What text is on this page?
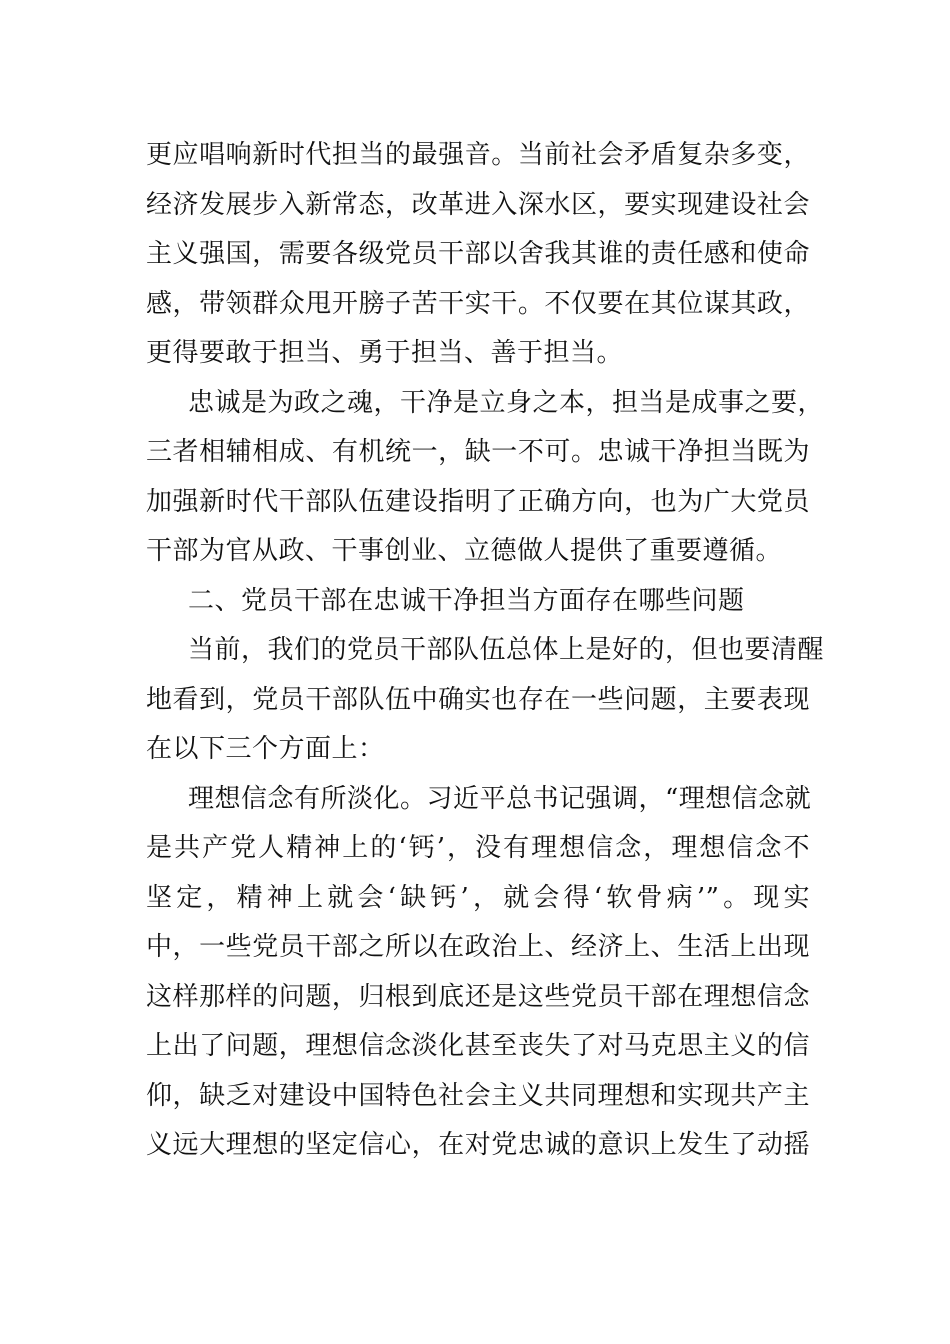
更应唱响新时代担当的最强音。当前社会矛盾复杂多变，
经济发展步入新常态，改革进入深水区，要实现建设社会
主义强国，需要各级党员干部以舍我其谁的责任感和使命
感，带领群众甩开膀子苦干实干。不仅要在其位谋其政，
更得要敢于担当、勇于担当、善于担当。
忠诚是为政之魂，干净是立身之本，担当是成事之要，
三者相辅相成、有机统一，缺一不可。忠诚干净担当既为
加强新时代干部队伍建设指明了正确方向，也为广大党员
干部为官从政、干事创业、立德做人提供了重要遵循。
二、党员干部在忠诚干净担当方面存在哪些问题
当前，我们的党员干部队伍总体上是好的，但也要清醒
地看到，党员干部队伍中确实也存在一些问题，主要表现
在以下三个方面上：
理想信念有所淡化。习近平总书记强调，“理想信念就
是共产党人精神上的‘钙’，没有理想信念，理想信念不
坚定，精神上就会‘缺钙’，就会得‘软骨病’”。现实
中，一些党员干部之所以在政治上、经济上、生活上出现
这样那样的问题，归根到底还是这些党员干部在理想信念
上出了问题，理想信念淡化甚至丧失了对马克思主义的信
仰，缺乏对建设中国特色社会主义共同理想和实现共产主
义远大理想的坚定信心，在对党忠诚的意识上发生了动摇
